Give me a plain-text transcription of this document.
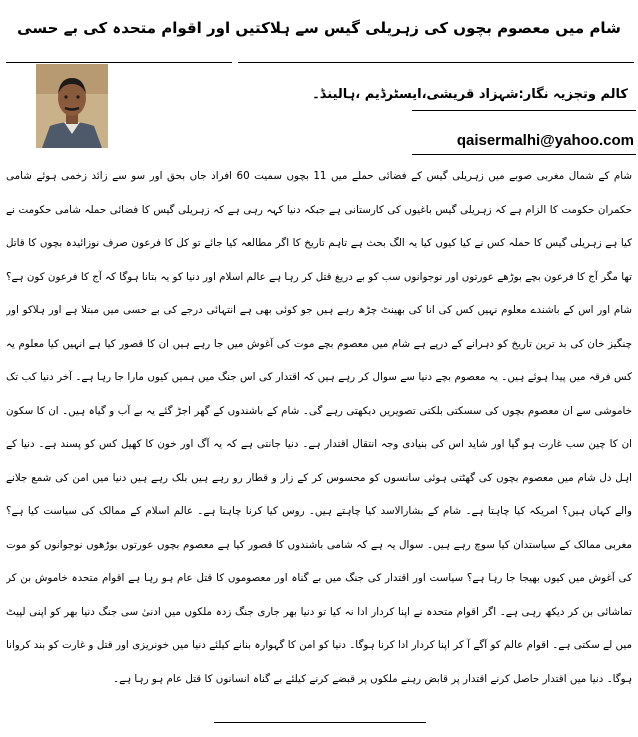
شام میں معصوم بچوں کی زہریلی گیس سے ہلاکتیں اور اقوام متحدہ کی بے حسی
کالم وتجزیہ نگار:شہزاد قریشی،ایسٹرڈیم ،ہالینڈ۔
qaisermalhi@yahoo.com

شام کے شمال مغربی صوبے میں زہریلی گیس کے فضائی حملے میں 11 بچوں سمیت 60 افراد جاں بحق اور سو سے زائد زخمی ہوئے شامی حکمران حکومت کا الزام ہے کہ زہریلی گیس باغیوں کی کارستانی ہے جبکہ دنیا کہہ رہی ہے کہ زہریلی گیس کا فضائی حملہ شامی حکومت نے کیا ہے زہریلی گیس کا حملہ کس نے کیا کیوں کیا یہ الگ بحث ہے تاہم تاریخ کا اگر مطالعہ کیا جائے تو کل کا فرعون صرف نوزائیدہ بچوں کا قاتل تھا مگر آج کا فرعون بچے بوڑھے عورتوں اور نوجوانوں سب کو بے دریغ قتل کر رہا ہے عالم اسلام اور دنیا کو یہ بتانا ہوگا کہ آج کا فرعون کون ہے؟ شام اور اس کے باشندے معلوم نہیں کس کی انا کی بھینٹ چڑھ رہے ہیں جو کوئی بھی ہے انتہائی درجے کی بے حسی میں مبتلا ہے اور ہلاکو اور چنگیز خان کی بد ترین تاریخ کو دہرانے کے درپے ہے شام میں معصوم بچے موت کی آغوش میں جا رہے ہیں ان کا قصور کیا ہے انہیں کیا معلوم یہ کس فرقہ میں پیدا ہوئے ہیں۔ یہ معصوم بچے دنیا سے سوال کر رہے ہیں کہ اقتدار کی اس جنگ میں ہمیں کیوں مارا جا رہا ہے۔ آخر دنیا کب تک خاموشی سے ان معصوم بچوں کی سسکتی بلکتی تصویریں دیکھتی رہے گی۔ شام کے باشندوں کے گھر اجڑ گئے یہ بے آب و گیاہ ہیں۔ ان کا سکون ان کا چین سب غارت ہو گیا اور شاید اس کی بنیادی وجہ انتقال اقتدار ہے۔ دنیا جانتی ہے کہ یہ آگ اور خون کا کھیل کس کو پسند ہے۔ دنیا کے اہل دل شام میں معصوم بچوں کی گھٹتی ہوئی سانسوں کو محسوس کر کے زار و قطار رو رہے ہیں بلک رہے ہیں دنیا میں امن کی شمع جلانے والے کہاں ہیں؟ امریکہ کیا چاہتا ہے۔ شام کے بشارالاسد کیا چاہتے ہیں۔ روس کیا کرنا چاہتا ہے۔ عالم اسلام کے ممالک کی سیاست کیا ہے؟ مغربی ممالک کے سیاستدان کیا سوچ رہے ہیں۔ سوال یہ ہے کہ شامی باشندوں کا قصور کیا ہے معصوم بچوں عورتوں بوڑھوں نوجوانوں کو موت کی آغوش میں کیوں بھیجا جا رہا ہے؟ سیاست اور اقتدار کی جنگ میں بے گناہ اور معصوموں کا قتل عام ہو رہا ہے اقوام متحدہ خاموش بن کر تماشائی بن کر دیکھ رہی ہے۔ اگر اقوام متحدہ نے اپنا کردار ادا نہ کیا تو دنیا بھر جاری جنگ زدہ ملکوں میں ادنیٰ سی جنگ دنیا بھر کو اپنی لپیٹ میں لے سکتی ہے۔ اقوام عالم کو آگے آ کر اپنا کردار ادا کرنا ہوگا۔ دنیا کو امن کا گہوارہ بنانے کیلئے دنیا میں خونریزی اور قتل و غارت کو بند کروانا ہوگا۔ دنیا میں اقتدار حاصل کرنے اقتدار پر قابض رہنے ملکوں پر قبضے کرنے کیلئے بے گناہ انسانوں کا قتل عام ہو رہا ہے۔
